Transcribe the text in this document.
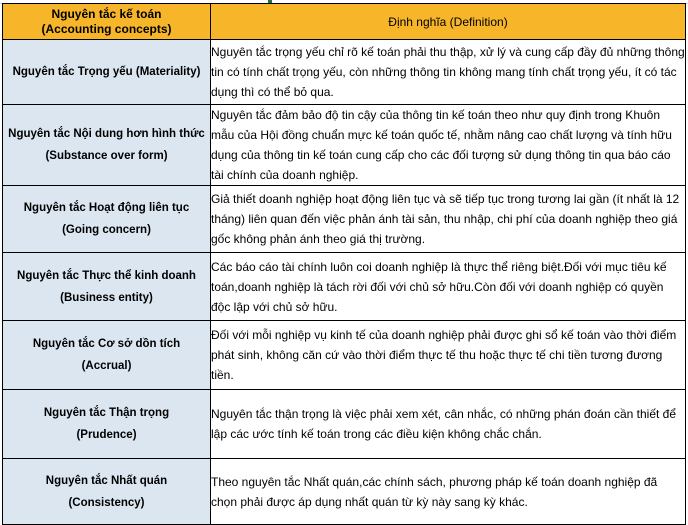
Nguyên tắc kế toán
(Accounting concepts)	Định nghĩa (Definition)

Nguyên tắc Trọng yếu (Materiality)	Nguyên tắc trọng yếu chỉ rõ kế toán phải thu thập, xử lý và cung cấp đầy đủ những thông tin có tính chất trọng yếu, còn những thông tin không mang tính chất trọng yếu, ít có tác dụng thì có thể bỏ qua.

Nguyên tắc Nội dung hơn hình thức
(Substance over form)	Nguyên tắc đảm bảo độ tin cậy của thông tin kế toán theo như quy định trong Khuôn mẫu của Hội đồng chuẩn mực kế toán quốc tế, nhằm nâng cao chất lượng và tính hữu dụng của thông tin kế toán cung cấp cho các đối tượng sử dụng thông tin qua báo cáo tài chính của doanh nghiệp.

Nguyên tắc Hoạt động liên tục
(Going concern)	Giả thiết doanh nghiệp hoạt động liên tục và sẽ tiếp tục trong tương lai gần (ít nhất là 12 tháng) liên quan đến việc phản ánh tài sản, thu nhập, chi phí của doanh nghiệp theo giá gốc không phản ánh theo giá thị trường.

Nguyên tắc Thực thể kinh doanh
(Business entity)	Các báo cáo tài chính luôn coi doanh nghiệp là thực thể riêng biệt.Đối với mục tiêu kế toán,doanh nghiệp là tách rời đối với chủ sở hữu.Còn đối với doanh nghiệp có quyền độc lập với chủ sở hữu.

Nguyên tắc Cơ sở dồn tích
(Accrual)	Đối với mỗi nghiệp vụ kinh tế của doanh nghiệp phải được ghi sổ kế toán vào thời điểm phát sinh, không căn cứ vào thời điểm thực tế thu hoặc thực tế chi tiền tương đương tiền.

Nguyên tắc Thận trọng
(Prudence)	Nguyên tắc thận trọng là việc phải xem xét, cân nhắc, có những phán đoán cần thiết để lập các ước tính kế toán trong các điều kiện không chắc chắn.

Nguyên tắc Nhất quán
(Consistency)	Theo nguyên tắc Nhất quán,các chính sách, phương pháp kế toán doanh nghiệp đã chọn phải được áp dụng nhất quán từ kỳ này sang kỳ khác.
